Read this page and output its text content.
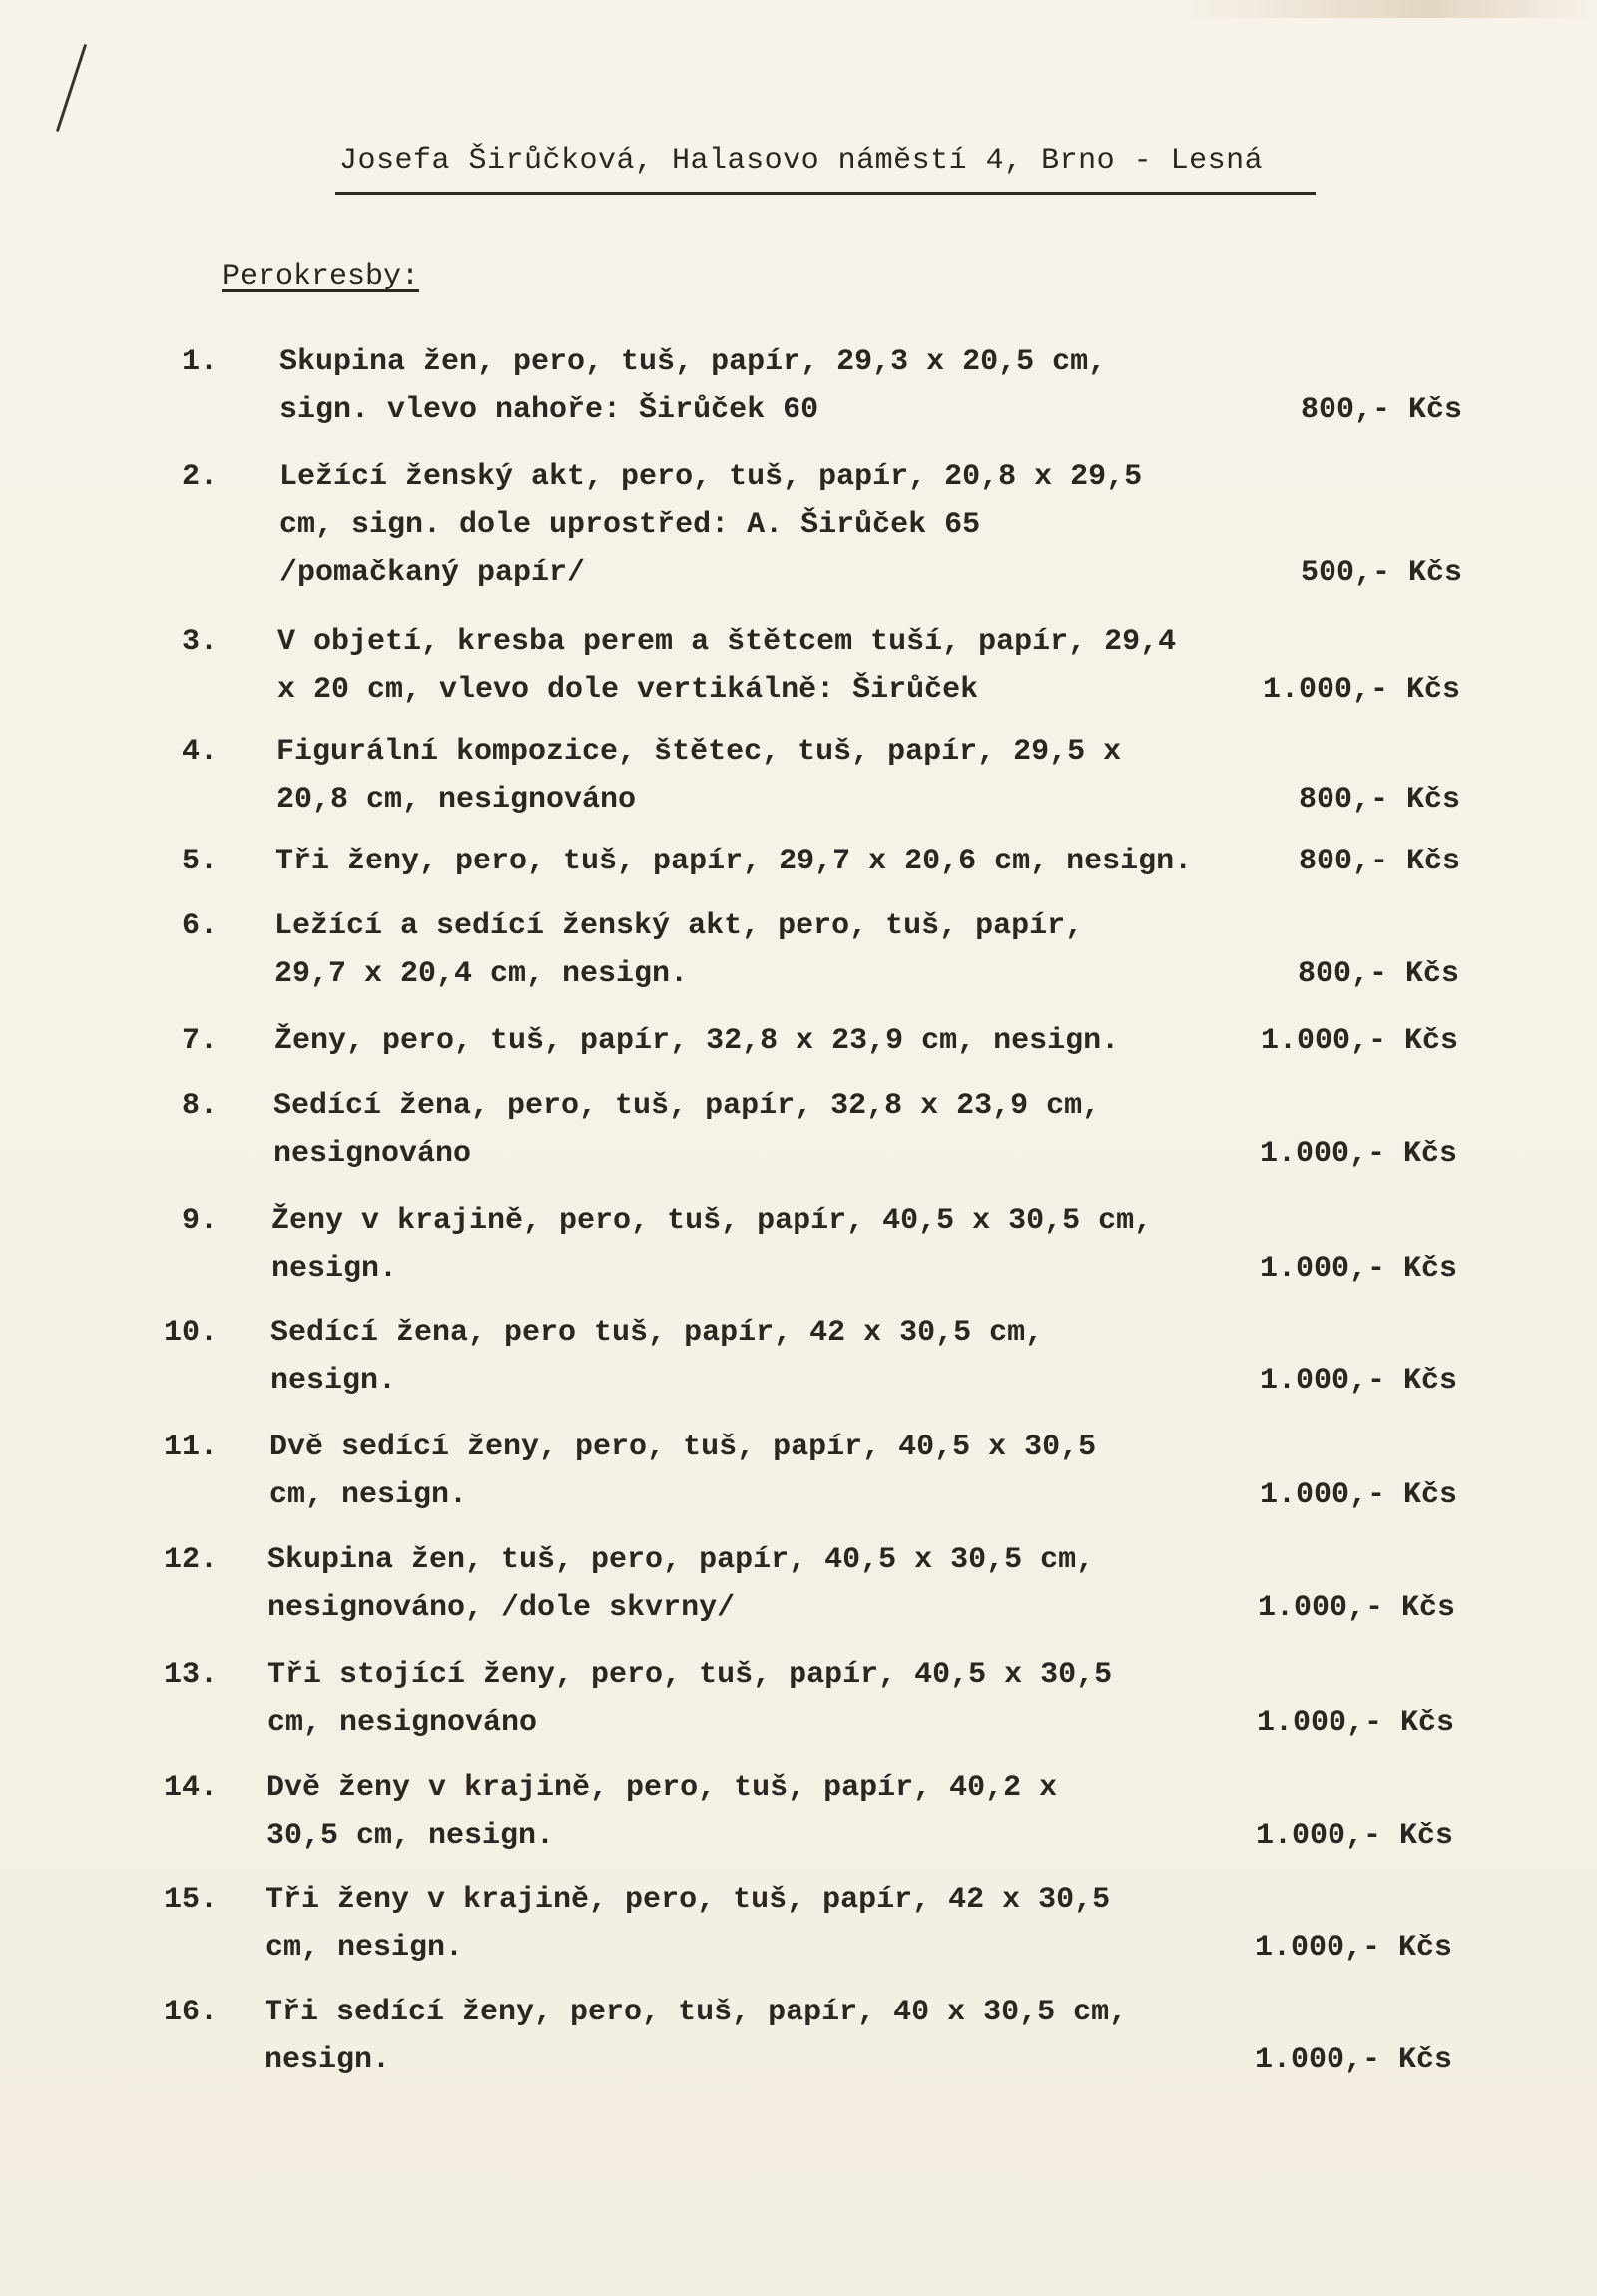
Josefa Širůčková, Halasovo náměstí 4, Brno - Lesná
Perokresby:
1. Skupina žen, pero, tuš, papír, 29,3 x 20,5 cm,
sign. vlevo nahoře: Širůček 60	800,- Kčs
2. Ležící ženský akt, pero, tuš, papír, 20,8 x 29,5
cm, sign. dole uprostřed: A. Širůček 65
/pomačkaný papír/	500,- Kčs
3. V objetí, kresba perem a štětcem tuší, papír, 29,4
x 20 cm, vlevo dole vertikálně: Širůček	1.000,- Kčs
4. Figurální kompozice, štětec, tuš, papír, 29,5 x
20,8 cm, nesignováno	800,- Kčs
5. Tři ženy, pero, tuš, papír, 29,7 x 20,6 cm, nesign.	800,- Kčs
6. Ležící a sedící ženský akt, pero, tuš, papír,
29,7 x 20,4 cm, nesign.	800,- Kčs
7. Ženy, pero, tuš, papír, 32,8 x 23,9 cm, nesign.	1.000,- Kčs
8. Sedící žena, pero, tuš, papír, 32,8 x 23,9 cm,
nesignováno	1.000,- Kčs
9. Ženy v krajině, pero, tuš, papír, 40,5 x 30,5 cm,
nesign.	1.000,- Kčs
10. Sedící žena, pero tuš, papír, 42 x 30,5 cm,
nesign.	1.000,- Kčs
11. Dvě sedící ženy, pero, tuš, papír, 40,5 x 30,5
cm, nesign.	1.000,- Kčs
12. Skupina žen, tuš, pero, papír, 40,5 x 30,5 cm,
nesignováno, /dole skvrny/	1.000,- Kčs
13. Tři stojící ženy, pero, tuš, papír, 40,5 x 30,5
cm, nesignováno	1.000,- Kčs
14. Dvě ženy v krajině, pero, tuš, papír, 40,2 x
30,5 cm, nesign.	1.000,- Kčs
15. Tři ženy v krajině, pero, tuš, papír, 42 x 30,5
cm, nesign.	1.000,- Kčs
16. Tři sedící ženy, pero, tuš, papír, 40 x 30,5 cm,
nesign.	1.000,- Kčs
